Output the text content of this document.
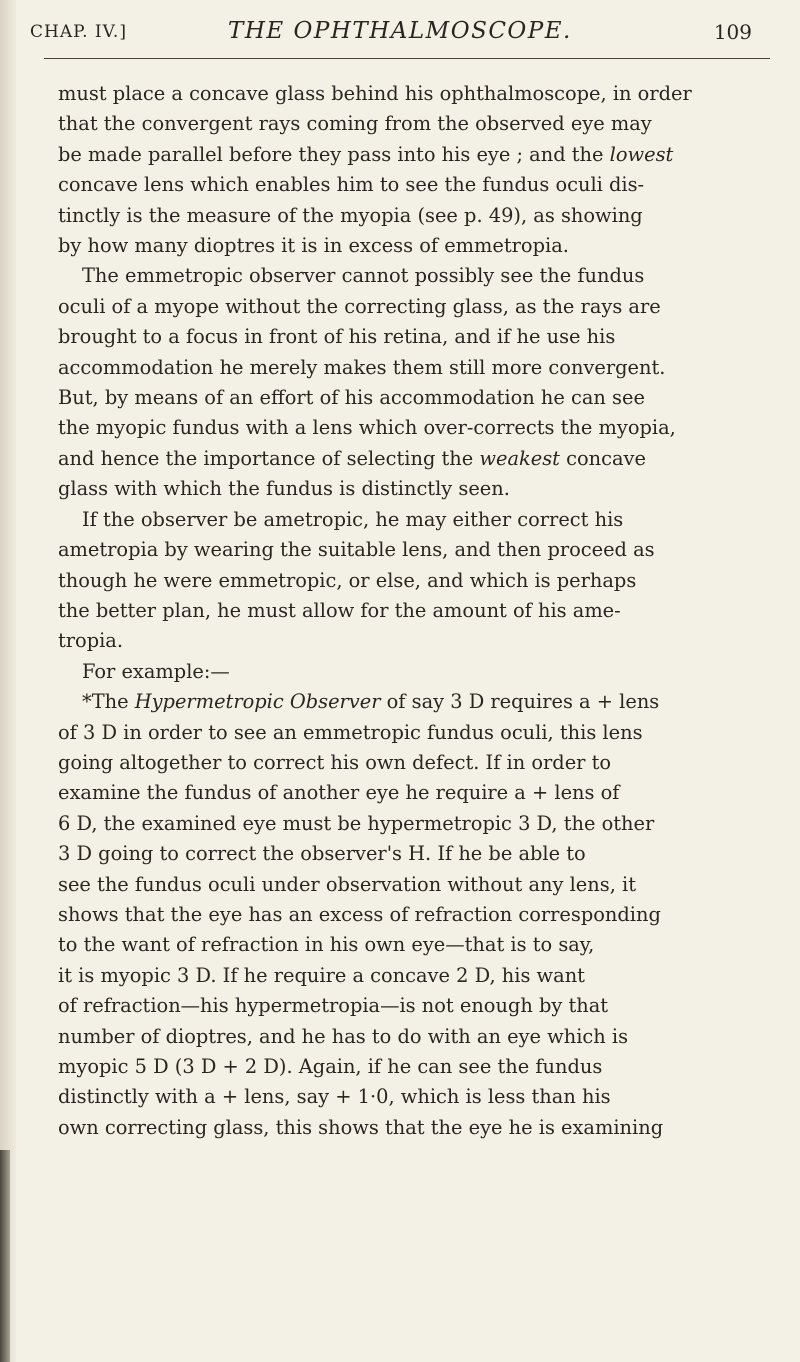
CHAP. IV.]	THE OPHTHALMOSCOPE.	109
must place a concave glass behind his ophthalmoscope, in order
that the convergent rays coming from the observed eye may
be made parallel before they pass into his eye ; and the lowest
concave lens which enables him to see the fundus oculi dis-
tinctly is the measure of the myopia (see p. 49), as showing
by how many dioptres it is in excess of emmetropia.
The emmetropic observer cannot possibly see the fundus
oculi of a myope without the correcting glass, as the rays are
brought to a focus in front of his retina, and if he use his
accommodation he merely makes them still more convergent.
But, by means of an effort of his accommodation he can see
the myopic fundus with a lens which over-corrects the myopia,
and hence the importance of selecting the weakest concave
glass with which the fundus is distinctly seen.
If the observer be ametropic, he may either correct his
ametropia by wearing the suitable lens, and then proceed as
though he were emmetropic, or else, and which is perhaps
the better plan, he must allow for the amount of his ame-
tropia.
For example:—
*The Hypermetropic Observer of say 3 D requires a + lens
of 3 D in order to see an emmetropic fundus oculi, this lens
going altogether to correct his own defect. If in order to
examine the fundus of another eye he require a + lens of
6 D, the examined eye must be hypermetropic 3 D, the other
3 D going to correct the observer's H. If he be able to
see the fundus oculi under observation without any lens, it
shows that the eye has an excess of refraction corresponding
to the want of refraction in his own eye—that is to say,
it is myopic 3 D. If he require a concave 2 D, his want
of refraction—his hypermetropia—is not enough by that
number of dioptres, and he has to do with an eye which is
myopic 5 D (3 D + 2 D). Again, if he can see the fundus
distinctly with a + lens, say + 1·0, which is less than his
own correcting glass, this shows that the eye he is examining
